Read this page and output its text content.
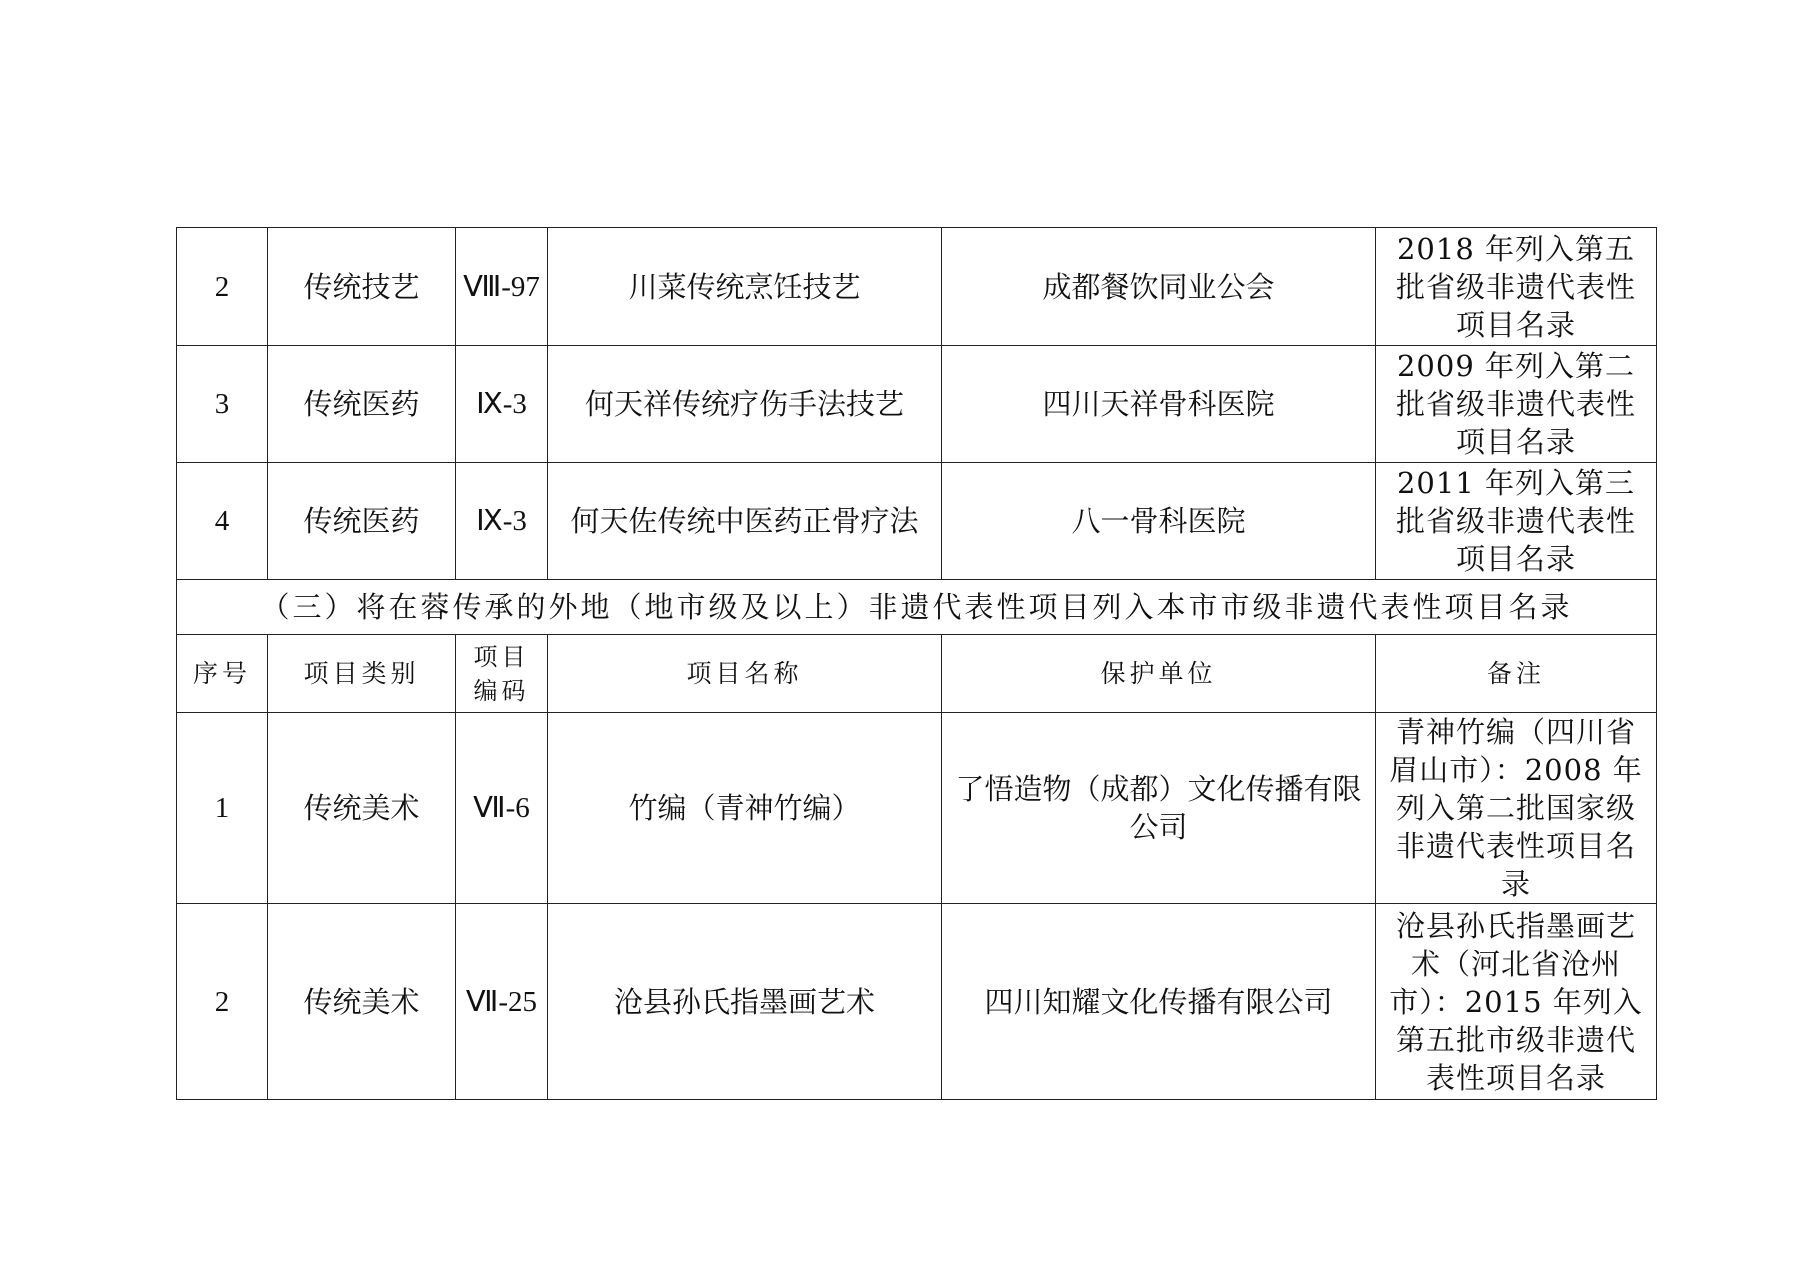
2	传统技艺	Ⅷ-97	川菜传统烹饪技艺	成都餐饮同业公会	2018 年列入第五批省级非遗代表性项目名录
3	传统医药	Ⅸ-3	何天祥传统疗伤手法技艺	四川天祥骨科医院	2009 年列入第二批省级非遗代表性项目名录
4	传统医药	Ⅸ-3	何天佐传统中医药正骨疗法	八一骨科医院	2011 年列入第三批省级非遗代表性项目名录
（三）将在蓉传承的外地（地市级及以上）非遗代表性项目列入本市市级非遗代表性项目名录					
序号	项目类别	项目编码	项目名称	保护单位	备注
1	传统美术	Ⅶ-6	竹编（青神竹编）	了悟造物（成都）文化传播有限公司	青神竹编（四川省眉山市）：2008 年列入第二批国家级非遗代表性项目名录
2	传统美术	Ⅶ-25	沧县孙氏指墨画艺术	四川知耀文化传播有限公司	沧县孙氏指墨画艺术（河北省沧州市）：2015 年列入第五批市级非遗代表性项目名录
